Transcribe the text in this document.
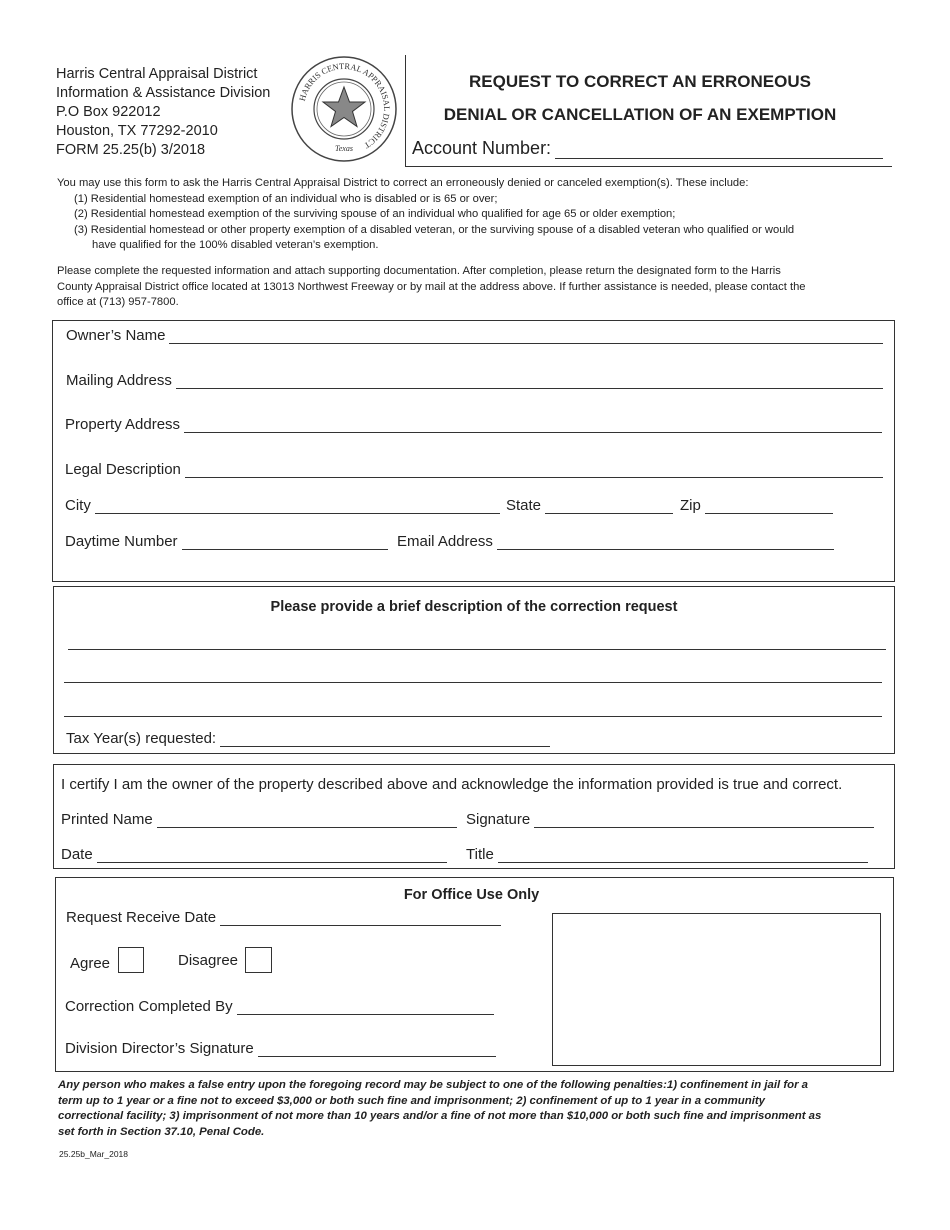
Harris Central Appraisal District
Information & Assistance Division
P.O Box 922012
Houston, TX 77292-2010
FORM 25.25(b) 3/2018
HARRIS CENTRAL APPRAISAL DISTRICT
Texas
REQUEST TO CORRECT AN ERRONEOUS
DENIAL OR CANCELLATION OF AN EXEMPTION
Account Number:
You may use this form to ask the Harris Central Appraisal District to correct an erroneously denied or canceled exemption(s). These include:
(1) Residential homestead exemption of an individual who is disabled or is 65 or over;
(2) Residential homestead exemption of the surviving spouse of an individual who qualified for age 65 or older exemption;
(3) Residential homestead or other property exemption of a disabled veteran, or the surviving spouse of a disabled veteran who qualified or would
have qualified for the 100% disabled veteran’s exemption.
Please complete the requested information and attach supporting documentation. After completion, please return the designated form to the Harris
County Appraisal District office located at 13013 Northwest Freeway or by mail at the address above. If further assistance is needed, please contact the
office at (713) 957-7800.
Owner’s Name
Mailing Address
Property Address
Legal Description
City	State	Zip
Daytime Number	Email Address
Please provide a brief description of the correction request
Tax Year(s) requested:
I certify I am the owner of the property described above and acknowledge the information provided is true and correct.
Printed Name	Signature
Date	Title
For Office Use Only
Request Receive Date
Agree	Disagree
Correction Completed By
Division Director’s Signature
Any person who makes a false entry upon the foregoing record may be subject to one of the following penalties:1) confinement in jail for a
term up to 1 year or a fine not to exceed $3,000 or both such fine and imprisonment; 2) confinement of up to 1 year in a community
correctional facility; 3) imprisonment of not more than 10 years and/or a fine of not more than $10,000 or both such fine and imprisonment as
set forth in Section 37.10, Penal Code.
25.25b_Mar_2018
